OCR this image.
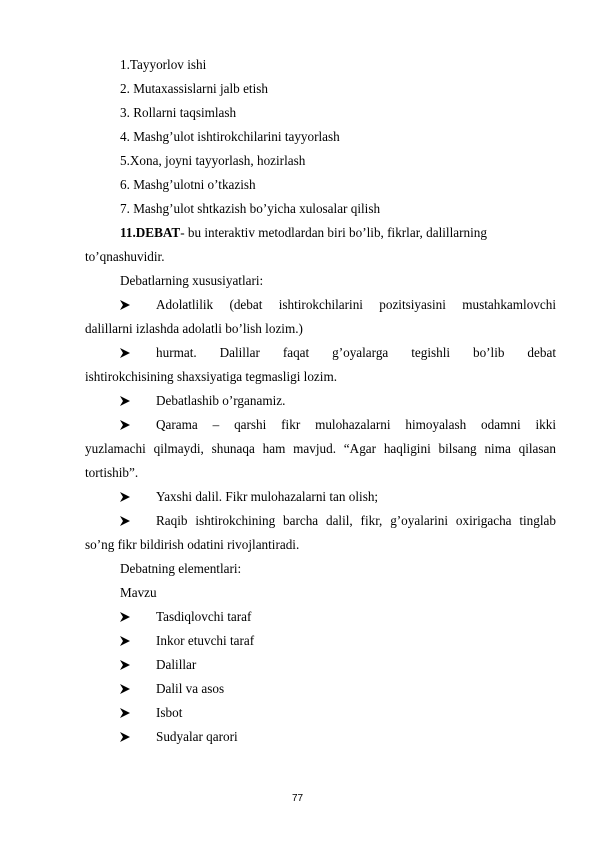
1.Tayyorlov ishi
2. Mutaxassislarni jalb etish
3. Rollarni taqsimlash
4. Mashg’ulot ishtirokchilarini tayyorlash
5.Xona, joyni tayyorlash, hozirlash
6. Mashg’ulotni o’tkazish
7. Mashg’ulot shtkazish bo’yicha xulosalar qilish
11.DEBAT- bu interaktiv metodlardan biri bo’lib, fikrlar, dalillarning
to’qnashuvidir.
Debatlarning xususiyatlari:
Adolatlilik (debat ishtirokchilarini pozitsiyasini mustahkamlovchi
dalillarni izlashda adolatli bo’lish lozim.)
hurmat. Dalillar faqat g’oyalarga tegishli bo’lib debat
ishtirokchisining shaxsiyatiga tegmasligi lozim.
Debatlashib o’rganamiz.
Qarama – qarshi fikr mulohazalarni himoyalash odamni ikki
yuzlamachi qilmaydi, shunaqa ham mavjud. “Agar haqligini bilsang nima qilasan
tortishib”.
Yaxshi dalil. Fikr mulohazalarni tan olish;
Raqib ishtirokchining barcha dalil, fikr, g’oyalarini oxirigacha tinglab
so’ng fikr bildirish odatini rivojlantiradi.
Debatning elementlari:
Mavzu
Tasdiqlovchi taraf
Inkor etuvchi taraf
Dalillar
Dalil va asos
Isbot
Sudyalar qarori
77
